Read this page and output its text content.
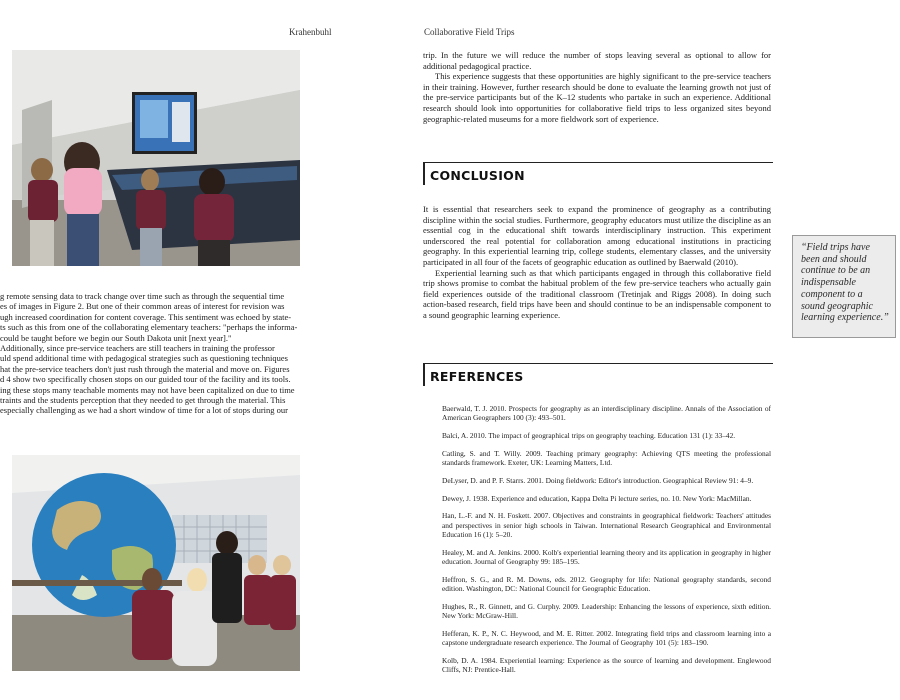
Krahenbuhl	Collaborative Field Trips
g remote sensing data to track change over time such as through the sequential time
es of images in Figure 2. But one of their common areas of interest for revision was
ugh increased coordination for content coverage. This sentiment was echoed by state-
ts such as this from one of the collaborating elementary teachers: "perhaps the informa-
could be taught before we begin our South Dakota unit [next year]."
Additionally, since pre-service teachers are still teachers in training the professor
uld spend additional time with pedagogical strategies such as questioning techniques
hat the pre-service teachers don't just rush through the material and move on. Figures
d 4 show two specifically chosen stops on our guided tour of the facility and its tools.
ing these stops many teachable moments may not have been capitalized on due to time
traints and the students perception that they needed to get through the material. This
especially challenging as we had a short window of time for a lot of stops during our

trip. In the future we will reduce the number of stops leaving several as optional to allow for additional pedagogical practice.

This experience suggests that these opportunities are highly significant to the pre-service teachers in their training. However, further research should be done to evaluate the learning growth not just of the pre-service participants but of the K–12 students who partake in such an experience. Additional research should look into opportunities for collaborative field trips to less organized sites beyond geographic-related museums for a more fieldwork sort of experience.

CONCLUSION

It is essential that researchers seek to expand the prominence of geography as a contributing discipline within the social studies. Furthermore, geography educators must utilize the discipline as an essential cog in the educational shift towards interdisciplinary instruction. This experiment underscored the real potential for collaboration among educational institutions in practicing geography. In this experiential learning trip, college students, elementary classes, and the university participated in all four of the facets of geographic education as outlined by Baerwald (2010).

Experiential learning such as that which participants engaged in through this collaborative field trip shows promise to combat the habitual problem of the few pre-service teachers who actually gain field experiences outside of the traditional classroom (Tretinjak and Riggs 2008). In doing such action-based research, field trips have been and should continue to be an indispensable component to a sound geographic learning experience.

REFERENCES

Baerwald, T. J. 2010. Prospects for geography as an interdisciplinary discipline. Annals of the Association of American Geographers 100 (3): 493–501.

Balci, A. 2010. The impact of geographical trips on geography teaching. Education 131 (1): 33–42.

Catling, S. and T. Willy. 2009. Teaching primary geography: Achieving QTS meeting the professional standards framework. Exeter, UK: Learning Matters, Ltd.

DeLyser, D. and P. F. Starrs. 2001. Doing fieldwork: Editor's introduction. Geographical Review 91: 4–9.

Dewey, J. 1938. Experience and education, Kappa Delta Pi lecture series, no. 10. New York: MacMillan.

Han, L.-F. and N. H. Foskett. 2007. Objectives and constraints in geographical fieldwork: Teachers' attitudes and perspectives in senior high schools in Taiwan. International Research Geographical and Environmental Education 16 (1): 5–20.

Healey, M. and A. Jenkins. 2000. Kolb's experiential learning theory and its application in geography in higher education. Journal of Geography 99: 185–195.

Heffron, S. G., and R. M. Downs, eds. 2012. Geography for life: National geography standards, second edition. Washington, DC: National Council for Geographic Education.

Hughes, R., R. Ginnett, and G. Curphy. 2009. Leadership: Enhancing the lessons of experience, sixth edition. New York: McGraw-Hill.

Hefferan, K. P., N. C. Heywood, and M. E. Ritter. 2002. Integrating field trips and classroom learning into a capstone undergraduate research experience. The Journal of Geography 101 (5): 183–190.

Kolb, D. A. 1984. Experiential learning: Experience as the source of learning and development. Englewood Cliffs, NJ: Prentice-Hall.

“Field trips have been and should continue to be an indispensable component to a sound geographic learning experience.”
